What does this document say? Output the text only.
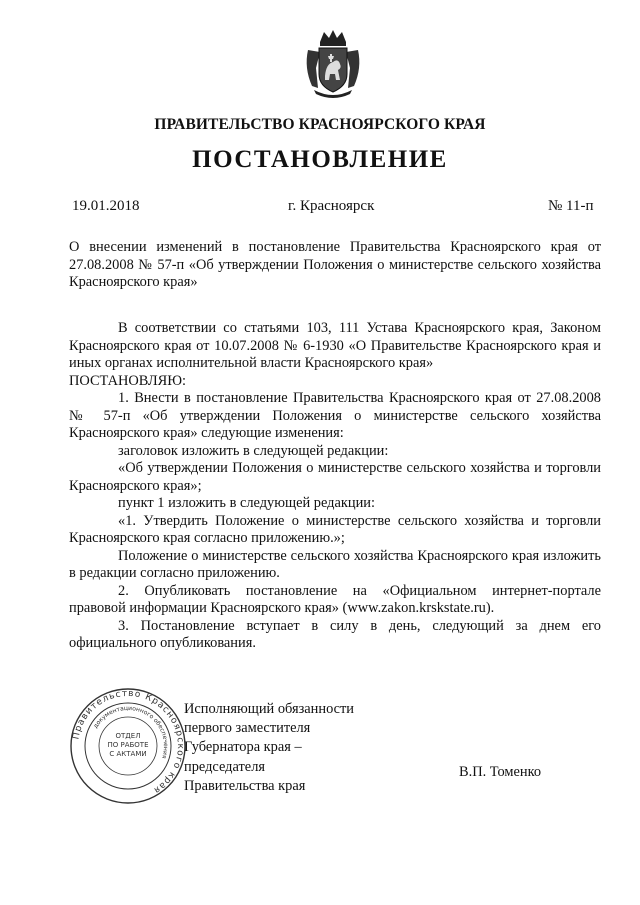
ПРАВИТЕЛЬСТВО КРАСНОЯРСКОГО КРАЯ
ПОСТАНОВЛЕНИЕ
19.01.2018	г. Красноярск	№ 11-п

О внесении изменений в постановление Правительства Красноярского края от 27.08.2008 № 57-п «Об утверждении Положения о министерстве сельского хозяйства Красноярского края»

В соответствии со статьями 103, 111 Устава Красноярского края, Законом Красноярского края от 10.07.2008 № 6-1930 «О Правительстве Красноярского края и иных органах исполнительной власти Красноярского края»

ПОСТАНОВЛЯЮ:

1. Внести в постановление Правительства Красноярского края от 27.08.2008 № 57-п «Об утверждении Положения о министерстве сельского хозяйства Красноярского края» следующие изменения:

заголовок изложить в следующей редакции:

«Об утверждении Положения о министерстве сельского хозяйства и торговли Красноярского края»;

пункт 1 изложить в следующей редакции:

«1. Утвердить Положение о министерстве сельского хозяйства и торговли Красноярского края согласно приложению.»;

Положение о министерстве сельского хозяйства Красноярского края изложить в редакции согласно приложению.

2. Опубликовать постановление на «Официальном интернет-портале правовой информации Красноярского края» (www.zakon.krskstate.ru).

3. Постановление вступает в силу в день, следующий за днем его официального опубликования.

Правительство Красноярского края
документационного обеспечения
ОТДЕЛ
ПО РАБОТЕ
С АКТАМИ
Исполняющий обязанности
первого заместителя
Губернатора края –
председателя
Правительства края
В.П. Томенко
